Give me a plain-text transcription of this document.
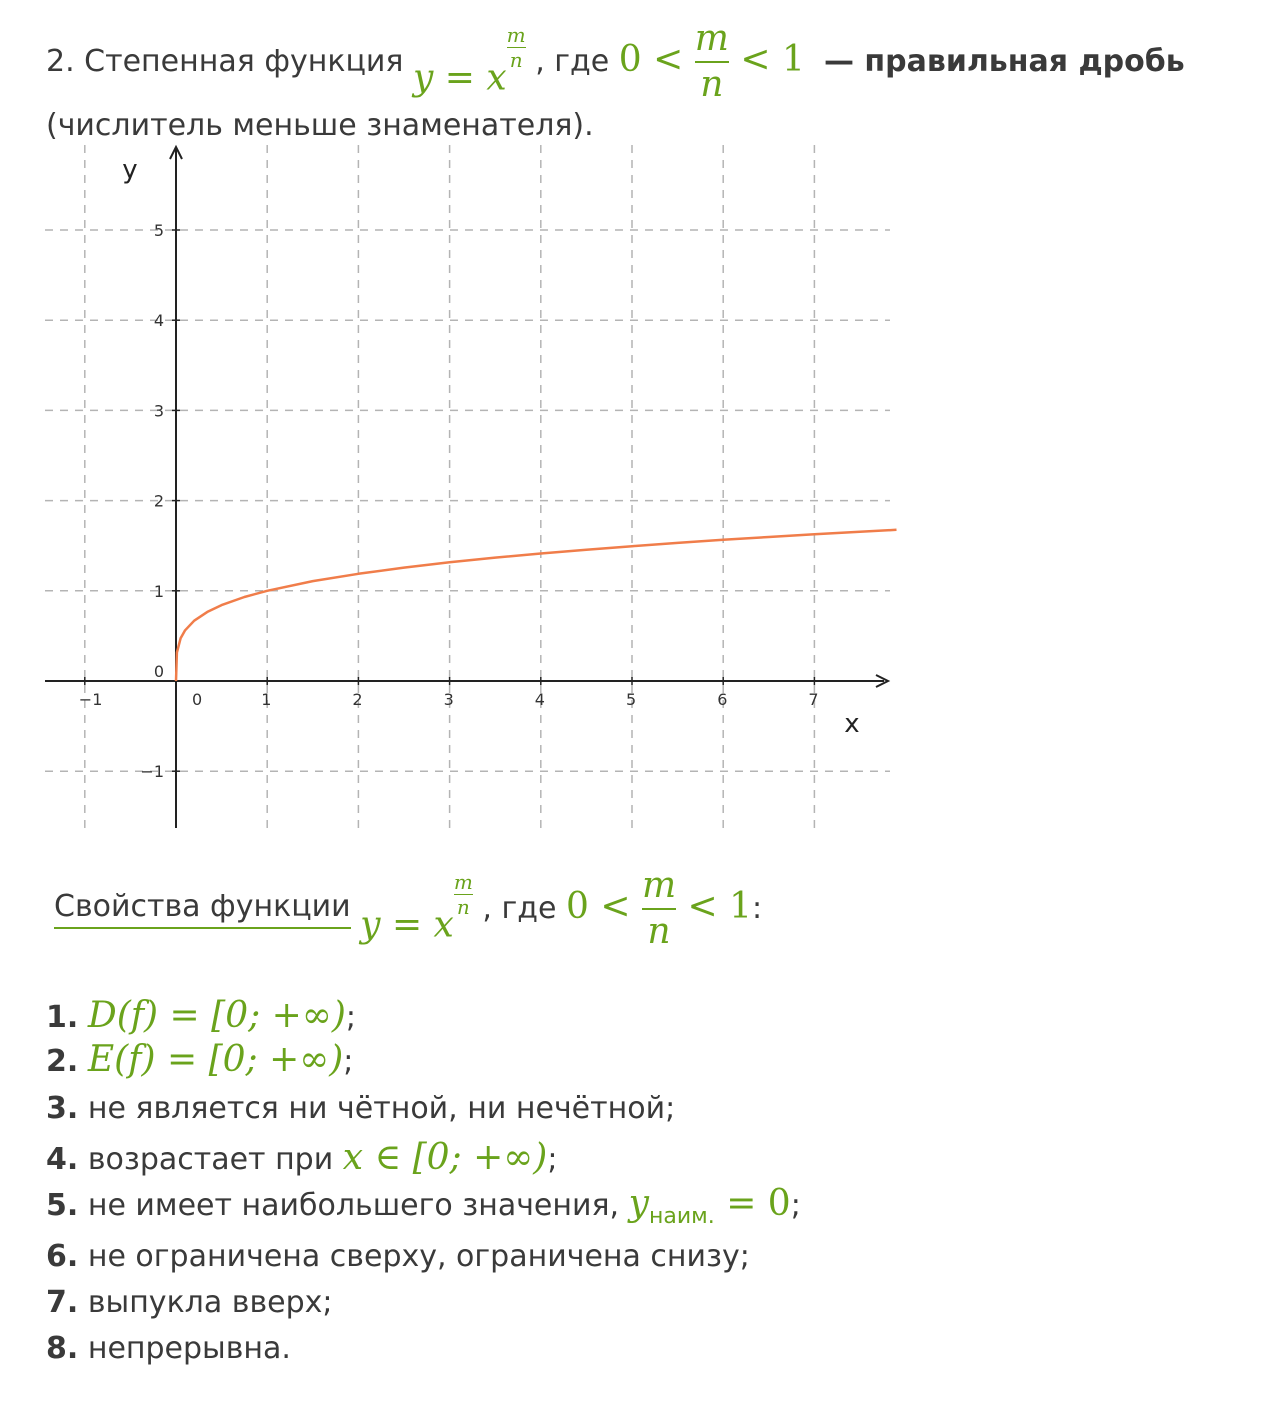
2.
Степенная функция
$y = x\frac{m}{n}$
, где
$0 < \frac{m}{n} < 1$
— правильная дробь
(числитель меньше знаменателя).
−1	0	1	2	3	4	5	6	7
−1
0
1
2
3
4
5
x
y
Свойства функции
$y = x\frac{m}{n}$
, где
$0 < \frac{m}{n} < 1$ :
1. D(f) = [0; +∞);
2. E(f) = [0; +∞);
3. не является ни чётной, ни нечётной;
4. возрастает при x ∈ [0; +∞);
5. не имеет наибольшего значения, $y_{наим.} = 0$;
6. не ограничена сверху, ограничена снизу;
7. выпукла вверх;
8. непрерывна.
